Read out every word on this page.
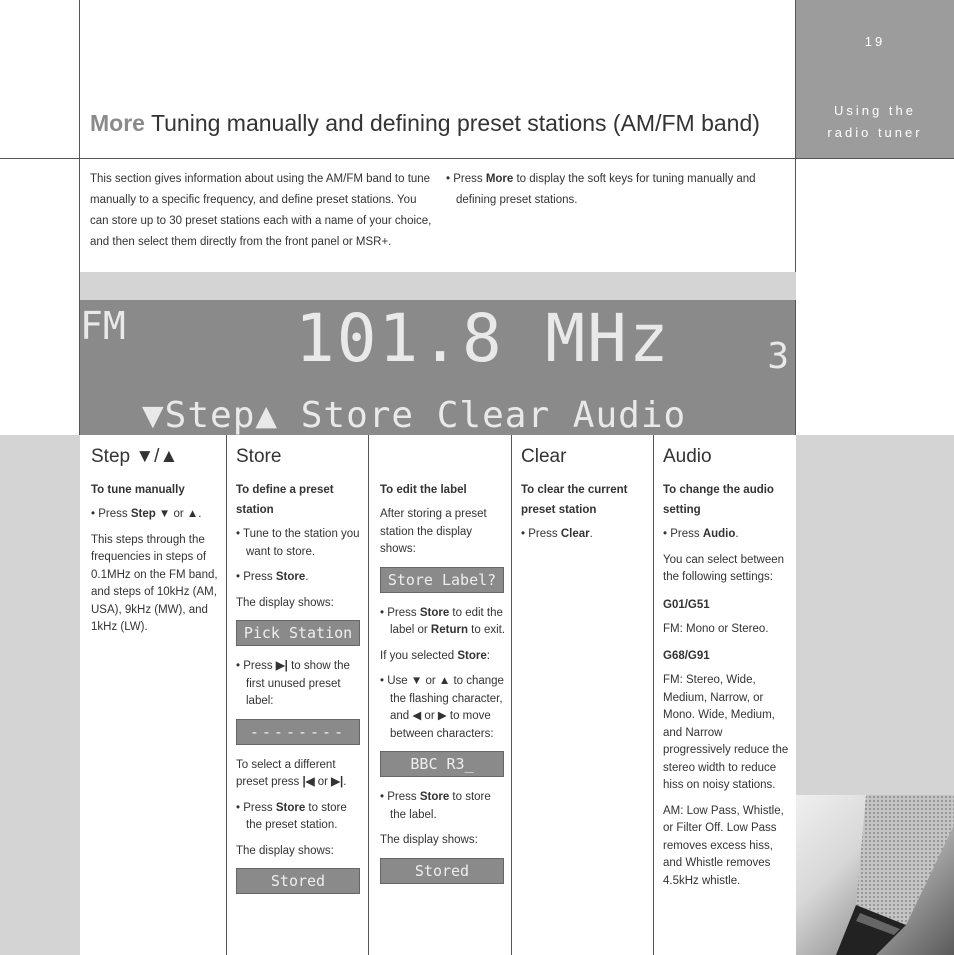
19
Using the
radio tuner
More Tuning manually and defining preset stations (AM/FM band)
This section gives information about using the AM/FM band to tune manually to a specific frequency, and define preset stations. You can store up to 30 preset stations each with a name of your choice, and then select them directly from the front panel or MSR+.
• Press More to display the soft keys for tuning manually and defining preset stations.
FM	101.8 MHz	3
▼Step▲ Store Clear Audio
Step ▼/▲
To tune manually

• Press Step ▼ or ▲.

This steps through the frequencies in steps of 0.1MHz on the FM band, and steps of 10kHz (AM, USA), 9kHz (MW), and 1kHz (LW).

Store
To define a preset station

• Tune to the station you want to store.

• Press Store.

The display shows:

Pick Station

• Press ▶| to show the first unused preset label:

--------

To select a different preset press |◀ or ▶|.

• Press Store to store the preset station.

The display shows:

Stored
To edit the label

After storing a preset station the display shows:

Store Label?

• Press Store to edit the label or Return to exit.

If you selected Store:

• Use ▼ or ▲ to change the flashing character, and ◀ or ▶ to move between characters:

BBC R3_

• Press Store to store the label.

The display shows:

Stored
Clear
To clear the current preset station

• Press Clear.

Audio
To change the audio setting

• Press Audio.

You can select between the following settings:

G01/G51

FM: Mono or Stereo.

G68/G91

FM: Stereo, Wide, Medium, Narrow, or Mono. Wide, Medium, and Narrow progressively reduce the stereo width to reduce hiss on noisy stations.

AM: Low Pass, Whistle, or Filter Off. Low Pass removes excess hiss, and Whistle removes 4.5kHz whistle.
